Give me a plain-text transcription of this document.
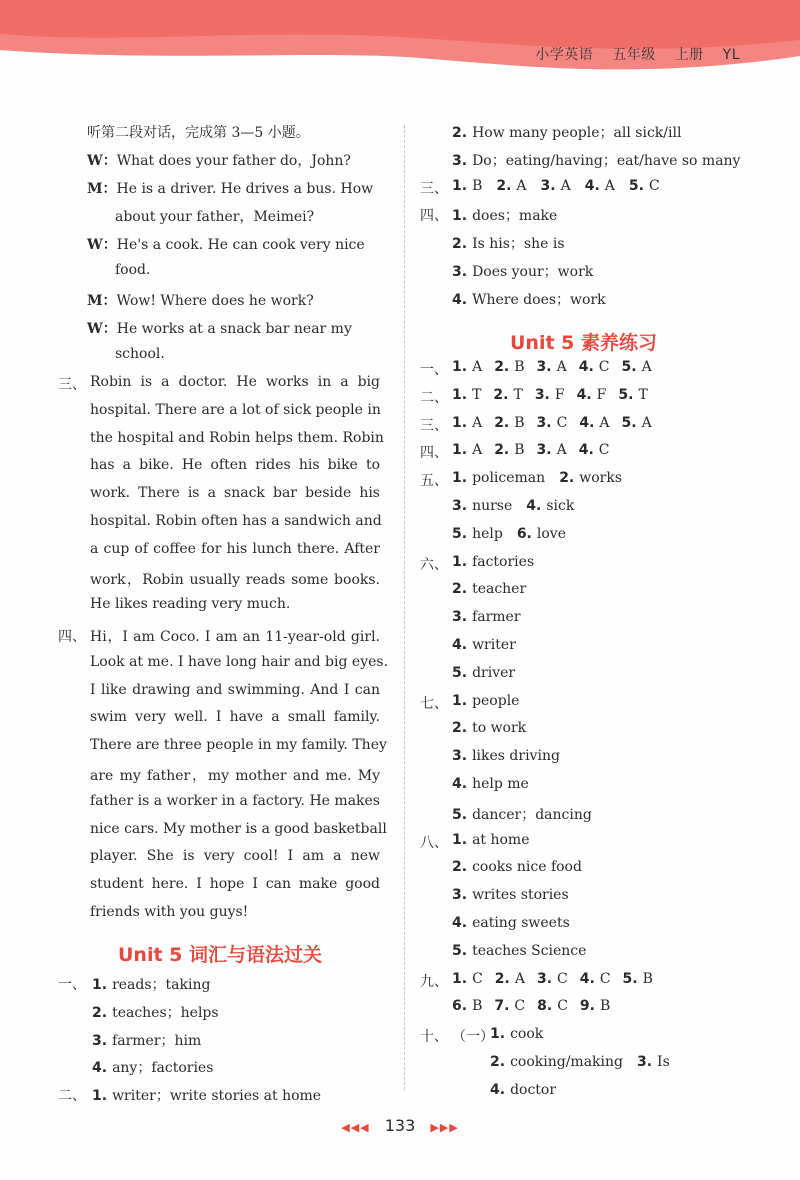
小学英语 五年级 上册 YL
听第二段对话，完成第 3—5 小题。
W：What does your father do，John?
M：He is a driver. He drives a bus. How
about your father，Meimei?
W：He's a cook. He can cook very nice
food.
M：Wow! Where does he work?
W：He works at a snack bar near my
school.
三、 Robin is a doctor. He works in a big
hospital. There are a lot of sick people in
the hospital and Robin helps them. Robin
has a bike. He often rides his bike to
work. There is a snack bar beside his
hospital. Robin often has a sandwich and
a cup of coffee for his lunch there. After
work，Robin usually reads some books.
He likes reading very much.
四、 Hi，I am Coco. I am an 11-year-old girl.
Look at me. I have long hair and big eyes.
I like drawing and swimming. And I can
swim very well. I have a small family.
There are three people in my family. They
are my father，my mother and me. My
father is a worker in a factory. He makes
nice cars. My mother is a good basketball
player. She is very cool! I am a new
student here. I hope I can make good
friends with you guys!
Unit 5 词汇与语法过关
一、 1. reads；taking
2. teaches；helps
3. farmer；him
4. any；factories
二、 1. writer；write stories at home
2. How many people；all sick/ill
3. Do；eating/having；eat/have so many
三、 1. B 2. A 3. A 4. A 5. C
四、 1. does；make
2. Is his；she is
3. Does your；work
4. Where does；work
Unit 5 素养练习
一、 1. A 2. B 3. A 4. C 5. A
二、 1. T 2. T 3. F 4. F 5. T
三、 1. A 2. B 3. C 4. A 5. A
四、 1. A 2. B 3. A 4. C
五、 1. policeman 2. works
3. nurse 4. sick
5. help 6. love
六、 1. factories
2. teacher
3. farmer
4. writer
5. driver
七、 1. people
2. to work
3. likes driving
4. help me
5. dancer；dancing
八、 1. at home
2. cooks nice food
3. writes stories
4. eating sweets
5. teaches Science
九、 1. C 2. A 3. C 4. C 5. B
6. B 7. C 8. C 9. B
十、 （一）
1. cook
2. cooking/making 3. Is
4. doctor
◀◀◀ 133 ▶▶▶
